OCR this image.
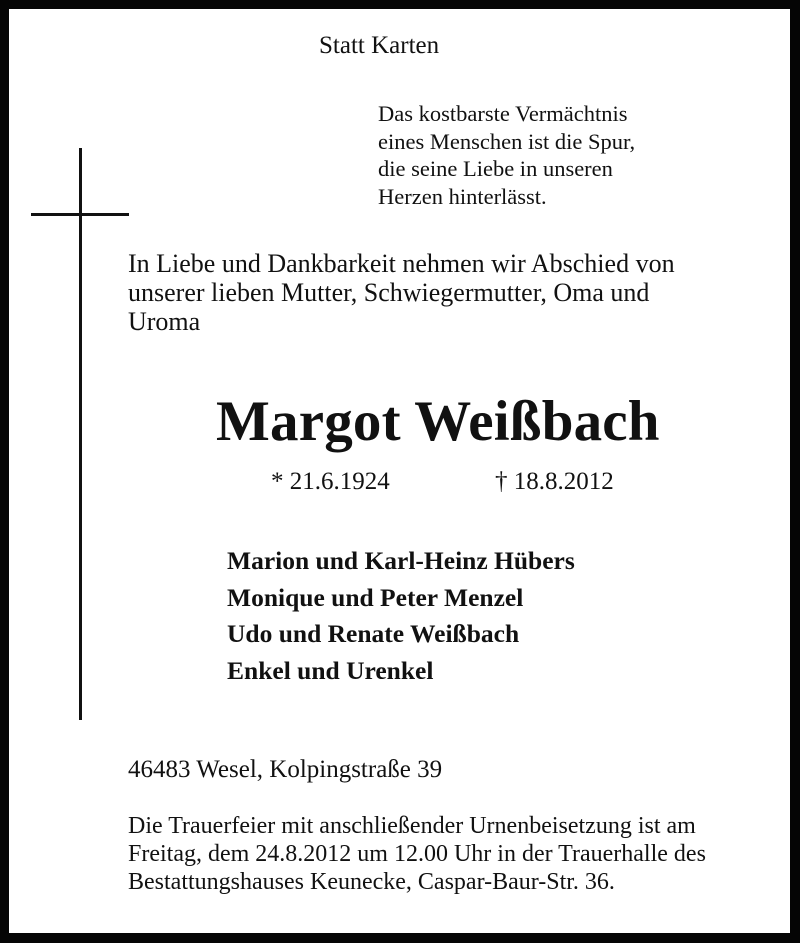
Statt Karten
Das kostbarste Vermächtnis
eines Menschen ist die Spur,
die seine Liebe in unseren
Herzen hinterlässt.
In Liebe und Dankbarkeit nehmen wir Abschied von
unserer lieben Mutter, Schwiegermutter, Oma und
Uroma
Margot Weißbach
* 21.6.1924	† 18.8.2012
Marion und Karl-Heinz Hübers
Monique und Peter Menzel
Udo und Renate Weißbach
Enkel und Urenkel
46483 Wesel, Kolpingstraße 39
Die Trauerfeier mit anschließender Urnenbeisetzung ist am
Freitag, dem 24.8.2012 um 12.00 Uhr in der Trauerhalle des
Bestattungshauses Keunecke, Caspar-Baur-Str. 36.
